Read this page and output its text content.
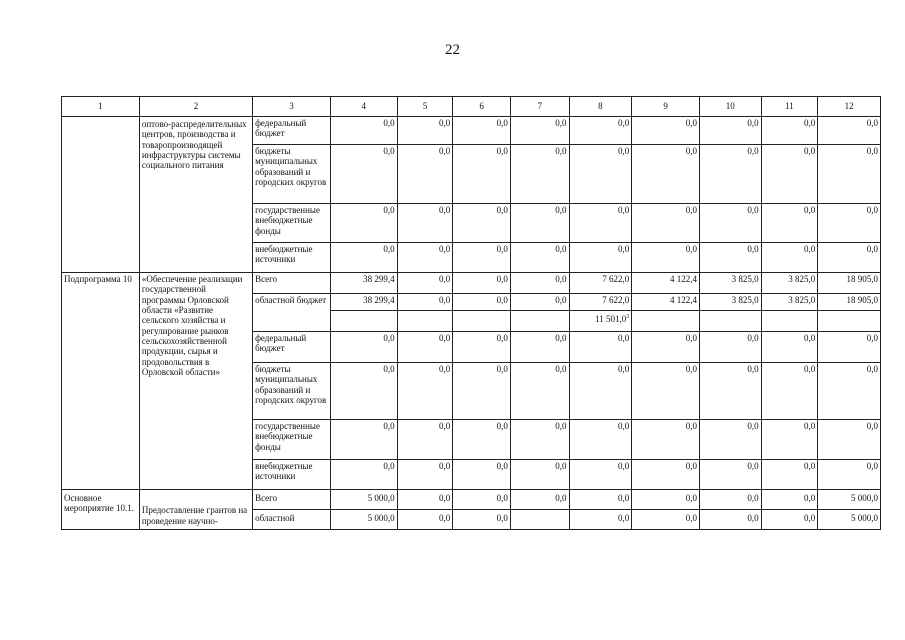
22
1	2	3	4	5	6	7	8	9	10	11	12
	оптово-распределительных центров, производства и товаропроизводящей инфраструктуры системы социального питания	федеральный бюджет	0,0	0,0	0,0	0,0	0,0	0,0	0,0	0,0	0,0
		бюджеты муниципальных образований и городских округов	0,0	0,0	0,0	0,0	0,0	0,0	0,0	0,0	0,0
		государственные внебюджетные фонды	0,0	0,0	0,0	0,0	0,0	0,0	0,0	0,0	0,0
		внебюджетные источники	0,0	0,0	0,0	0,0	0,0	0,0	0,0	0,0	0,0
Подпрограмма 10	«Обеспечение реализации государственной программы Орловской области «Развитие сельского хозяйства и регулирование рынков сельскохозяйственной продукции, сырья и продовольствия в Орловской области»	Всего	38 299,4	0,0	0,0	0,0	7 622,0	4 122,4	3 825,0	3 825,0	18 905,0
		областной бюджет	38 299,4	0,0	0,0	0,0	7 622,0	4 122,4	3 825,0	3 825,0	18 905,0
							11 501,0$^3$				
		федеральный бюджет	0,0	0,0	0,0	0,0	0,0	0,0	0,0	0,0	0,0
		бюджеты муниципальных образований и городских округов	0,0	0,0	0,0	0,0	0,0	0,0	0,0	0,0	0,0
		государственные внебюджетные фонды	0,0	0,0	0,0	0,0	0,0	0,0	0,0	0,0	0,0
		внебюджетные источники	0,0	0,0	0,0	0,0	0,0	0,0	0,0	0,0	0,0
Основное мероприятие 10.1.	Предоставление грантов на проведение научно-	Всего	5 000,0	0,0	0,0	0,0	0,0	0,0	0,0	0,0	5 000,0
		областной	5 000,0	0,0	0,0		0,0	0,0	0,0	0,0	5 000,0
